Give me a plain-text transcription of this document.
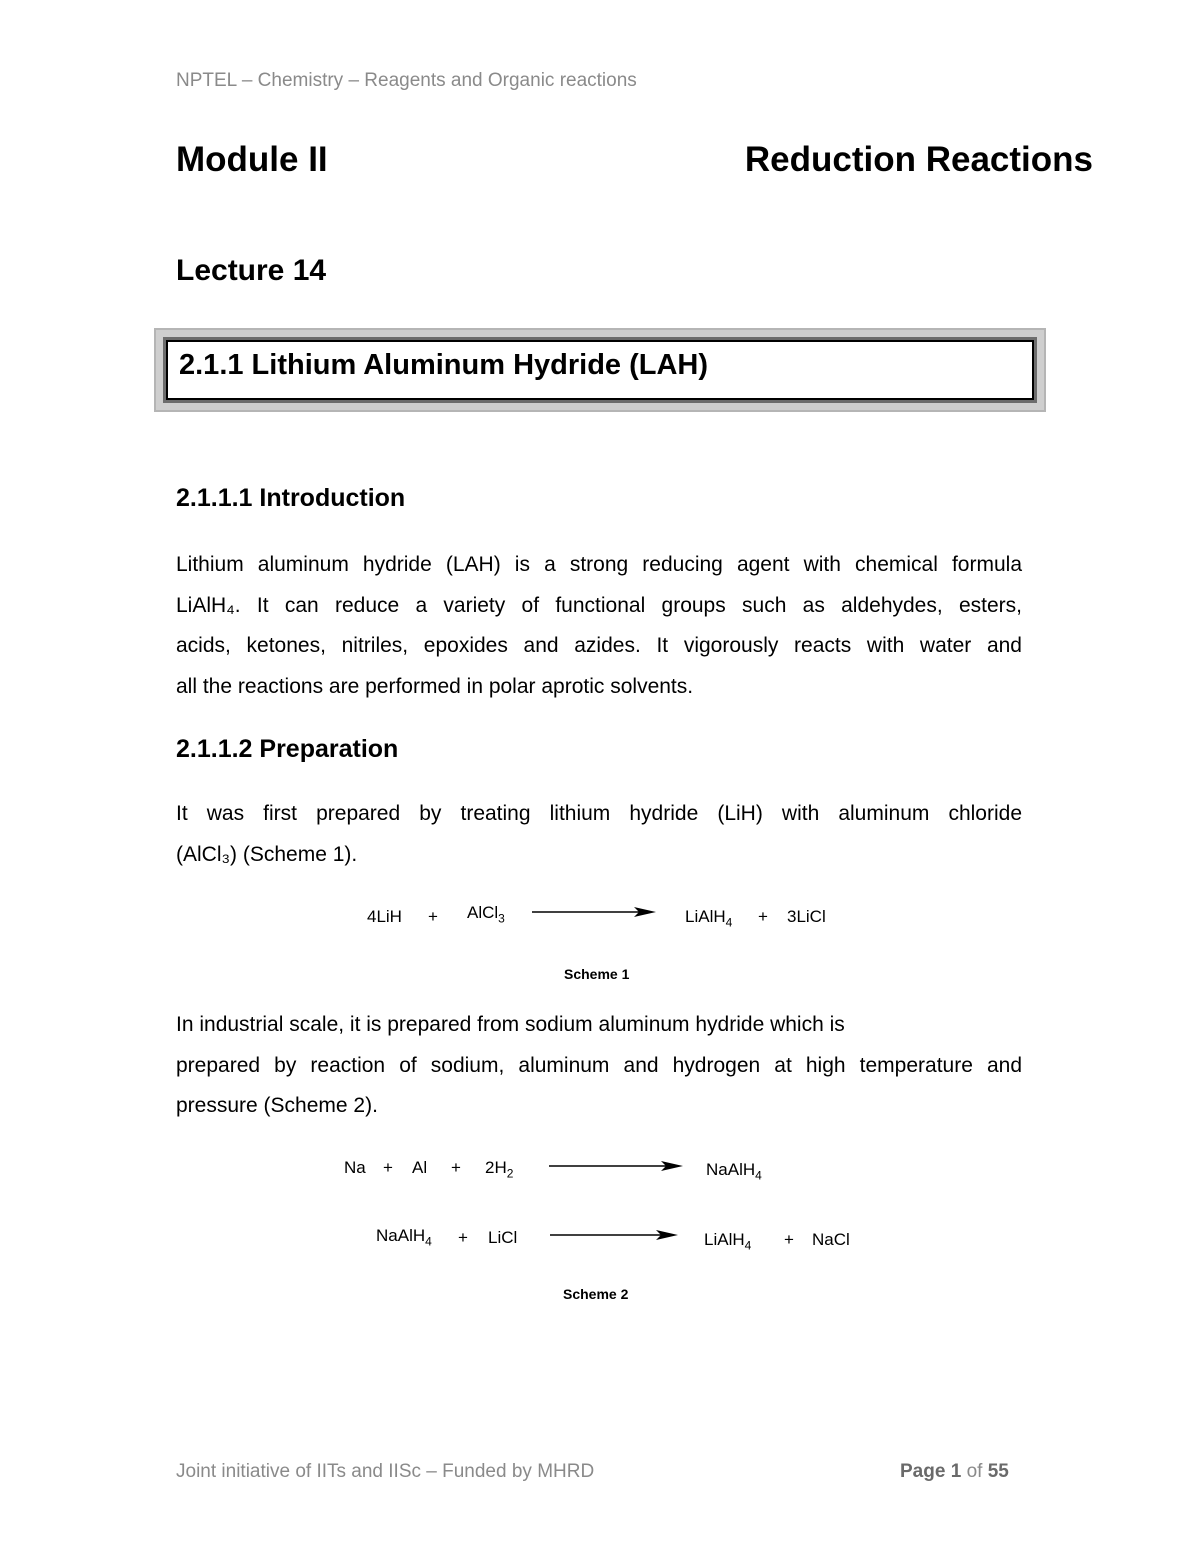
NPTEL – Chemistry – Reagents and Organic reactions
Module II	Reduction Reactions
Lecture 14
2.1.1 Lithium Aluminum Hydride (LAH)
2.1.1.1 Introduction
Lithium aluminum hydride (LAH) is a strong reducing agent with chemical formula
LiAlH₄. It can reduce a variety of functional groups such as aldehydes, esters,
acids, ketones, nitriles, epoxides and azides. It vigorously reacts with water and
all the reactions are performed in polar aprotic solvents.
2.1.1.2 Preparation
It was first prepared by treating lithium hydride (LiH) with aluminum chloride
(AlCl₃) (Scheme 1).
4LiH + AlCl$_3$	LiAlH$_4$ + 3LiCl
Scheme 1
In industrial scale, it is prepared from sodium aluminum hydride which is
prepared by reaction of sodium, aluminum and hydrogen at high temperature and
pressure (Scheme 2).
$Na + Al + 2H_2$	NaAlH$_4$
NaAlH$_4$ + LiCl	LiAlH$_4$ + NaCl
Scheme 2
Joint initiative of IITs and IISc – Funded by MHRD	Page 1 of 55
